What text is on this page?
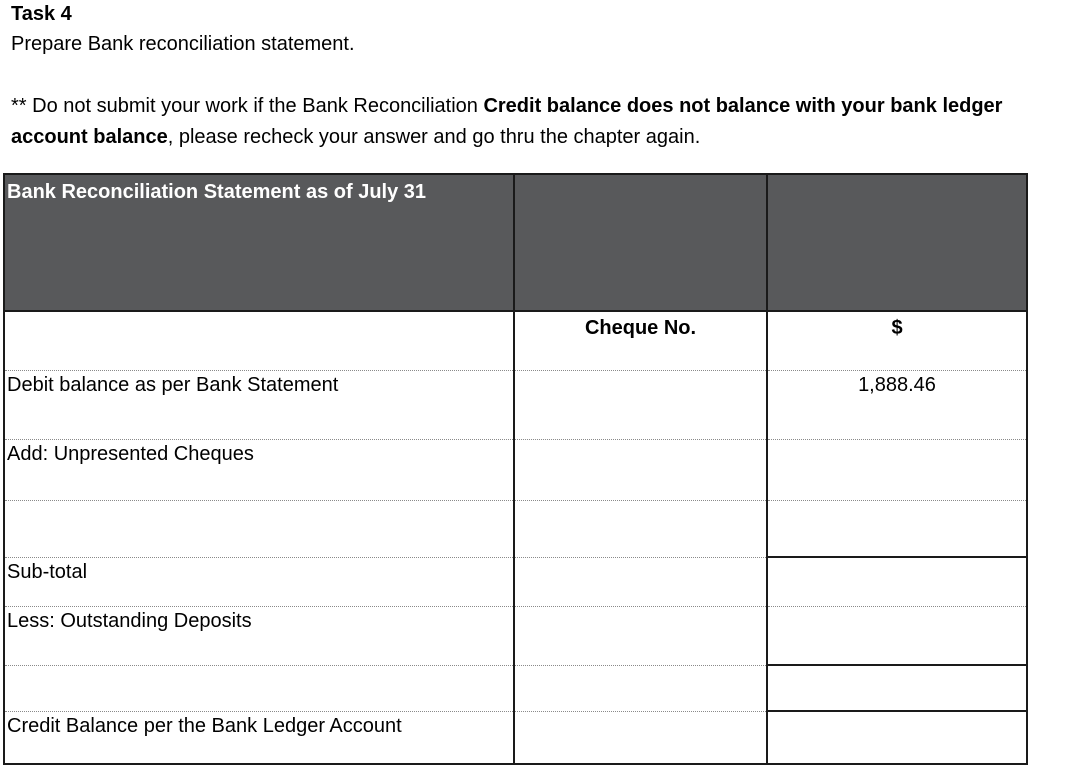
Task 4
Prepare Bank reconciliation statement.
** Do not submit your work if the Bank Reconciliation Credit balance does not balance with your bank ledger account balance, please recheck your answer and go thru the chapter again.
Bank Reconciliation Statement as of July 31		

	Cheque No.	$

Debit balance as per Bank Statement		1,888.46

Add: Unpresented Cheques		

Sub-total		

Less: Outstanding Deposits		

Credit Balance per the Bank Ledger Account		
